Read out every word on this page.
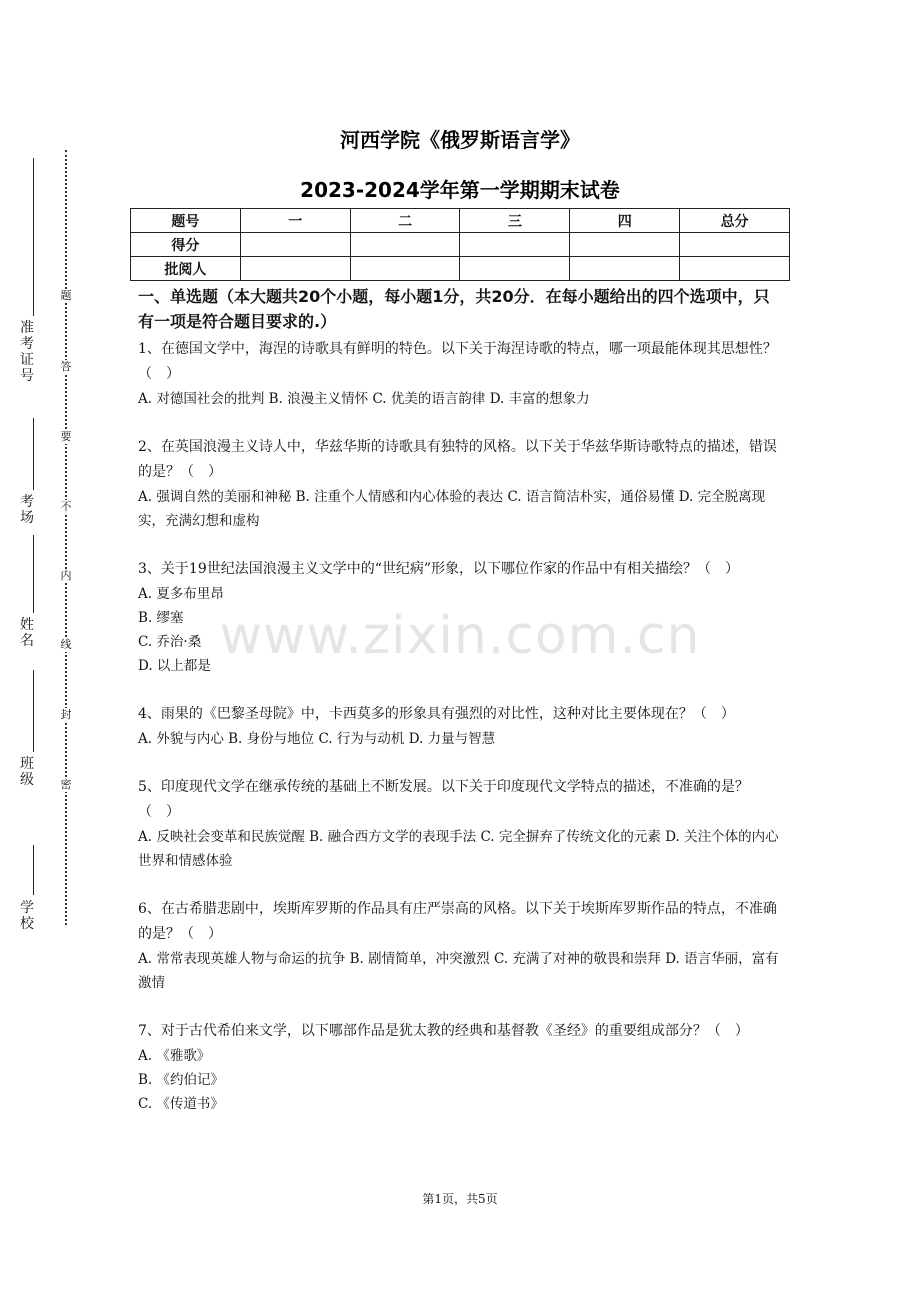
学校
班级
姓名
考场
准考证号
题
答
要
不
内
线
封
密
河西学院《俄罗斯语言学》
2023-2024学年第一学期期末试卷
题号	一	二	三	四	总分
得分					
批阅人					
一、单选题（本大题共20个小题，每小题1分，共20分．在每小题给出的四个选项中，只有一项是符合题目要求的.）
1、在德国文学中，海涅的诗歌具有鲜明的特色。以下关于海涅诗歌的特点，哪一项最能体现其思想性？（　）
A. 对德国社会的批判 B. 浪漫主义情怀 C. 优美的语言韵律 D. 丰富的想象力
2、在英国浪漫主义诗人中，华兹华斯的诗歌具有独特的风格。以下关于华兹华斯诗歌特点的描述，错误的是？（　）
A. 强调自然的美丽和神秘 B. 注重个人情感和内心体验的表达 C. 语言简洁朴实，通俗易懂 D. 完全脱离现实，充满幻想和虚构
3、关于19世纪法国浪漫主义文学中的“世纪病”形象，以下哪位作家的作品中有相关描绘？（　）
A. 夏多布里昂
B. 缪塞
C. 乔治·桑
D. 以上都是
4、雨果的《巴黎圣母院》中，卡西莫多的形象具有强烈的对比性，这种对比主要体现在？（　）
A. 外貌与内心 B. 身份与地位 C. 行为与动机 D. 力量与智慧
5、印度现代文学在继承传统的基础上不断发展。以下关于印度现代文学特点的描述，不准确的是？（　）
A. 反映社会变革和民族觉醒 B. 融合西方文学的表现手法 C. 完全摒弃了传统文化的元素 D. 关注个体的内心世界和情感体验
6、在古希腊悲剧中，埃斯库罗斯的作品具有庄严崇高的风格。以下关于埃斯库罗斯作品的特点，不准确的是？（　）
A. 常常表现英雄人物与命运的抗争 B. 剧情简单，冲突激烈 C. 充满了对神的敬畏和崇拜 D. 语言华丽，富有激情
7、对于古代希伯来文学，以下哪部作品是犹太教的经典和基督教《圣经》的重要组成部分？（　）
A. 《雅歌》
B. 《约伯记》
C. 《传道书》
www.zixin.com.cn
第1页，共5页
